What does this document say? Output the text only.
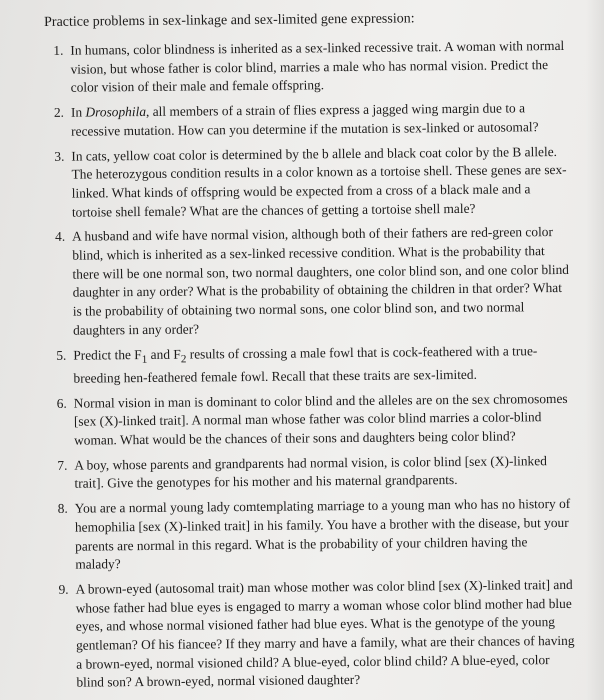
Practice problems in sex-linkage and sex-limited gene expression:
1. In humans, color blindness is inherited as a sex-linked recessive trait. A woman with normal vision, but whose father is color blind, marries a male who has normal vision. Predict the color vision of their male and female offspring.
2. In Drosophila, all members of a strain of flies express a jagged wing margin due to a recessive mutation. How can you determine if the mutation is sex-linked or autosomal?
3. In cats, yellow coat color is determined by the b allele and black coat color by the B allele. The heterozygous condition results in a color known as a tortoise shell. These genes are sex-linked. What kinds of offspring would be expected from a cross of a black male and a tortoise shell female? What are the chances of getting a tortoise shell male?
4. A husband and wife have normal vision, although both of their fathers are red-green color blind, which is inherited as a sex-linked recessive condition. What is the probability that there will be one normal son, two normal daughters, one color blind son, and one color blind daughter in any order? What is the probability of obtaining the children in that order? What is the probability of obtaining two normal sons, one color blind son, and two normal daughters in any order?
5. Predict the $F_1$ and $F_2$ results of crossing a male fowl that is cock-feathered with a true-breeding hen-feathered female fowl. Recall that these traits are sex-limited.
6. Normal vision in man is dominant to color blind and the alleles are on the sex chromosomes [sex (X)-linked trait]. A normal man whose father was color blind marries a color-blind woman. What would be the chances of their sons and daughters being color blind?
7. A boy, whose parents and grandparents had normal vision, is color blind [sex (X)-linked trait]. Give the genotypes for his mother and his maternal grandparents.
8. You are a normal young lady comtemplating marriage to a young man who has no history of hemophilia [sex (X)-linked trait] in his family. You have a brother with the disease, but your parents are normal in this regard. What is the probability of your children having the malady?
9. A brown-eyed (autosomal trait) man whose mother was color blind [sex (X)-linked trait] and whose father had blue eyes is engaged to marry a woman whose color blind mother had blue eyes, and whose normal visioned father had blue eyes. What is the genotype of the young gentleman? Of his fiancee? If they marry and have a family, what are their chances of having a brown-eyed, normal visioned child? A blue-eyed, color blind child? A blue-eyed, color blind son? A brown-eyed, normal visioned daughter?
